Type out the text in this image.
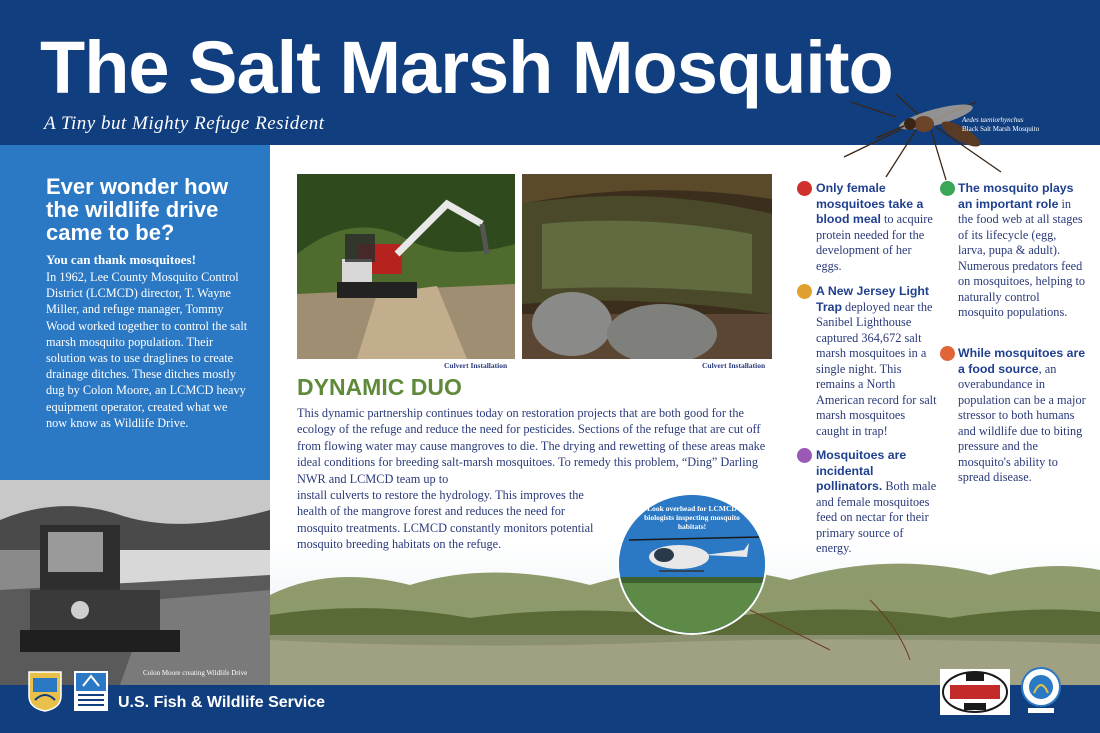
The Salt Marsh Mosquito
A Tiny but Mighty Refuge Resident	Aedes taeniorhynchus
Black Salt Marsh Mosquito
Ever wonder how the wildlife drive came to be?
You can thank mosquitoes!
In 1962, Lee County Mosquito Control District (LCMCD) director, T. Wayne Miller, and refuge manager, Tommy Wood worked together to control the salt marsh mosquito population. Their solution was to use draglines to create drainage ditches. These ditches mostly dug by Colon Moore, an LCMCD heavy equipment operator, created what we now know as Wildlife Drive.
Colon Moore creating Wildlife Drive
Culvert Installation	Culvert Installation
DYNAMIC DUO
This dynamic partnership continues today on restoration projects that are both good for the ecology of the refuge and reduce the need for pesticides. Sections of the refuge that are cut off from flowing water may cause mangroves to die. The drying and rewetting of these areas make ideal conditions for breeding salt-marsh mosquitoes. To remedy this problem, “Ding” Darling NWR and LCMCD team up to
install culverts to restore the hydrology. This improves the health of the mangrove forest and reduces the need for mosquito treatments. LCMCD constantly monitors potential mosquito breeding habitats on the refuge.
Look overhead for LCMCD biologists inspecting mosquito habitats!
Only female mosquitoes take a blood meal to acquire protein needed for the development of her eggs.
A New Jersey Light Trap deployed near the Sanibel Lighthouse captured 364,672 salt marsh mosquitoes in a single night. This remains a North American record for salt marsh mosquitoes caught in trap!
Mosquitoes are incidental pollinators. Both male and female mosquitoes feed on nectar for their primary source of energy.
The mosquito plays an important role in the food web at all stages of its lifecycle (egg, larva, pupa & adult). Numerous predators feed on mosquitoes, helping to naturally control mosquito populations.
While mosquitoes are a food source, an overabundance in population can be a major stressor to both humans and wildlife due to biting pressure and the mosquito's ability to spread disease.
U.S. Fish & Wildlife Service
